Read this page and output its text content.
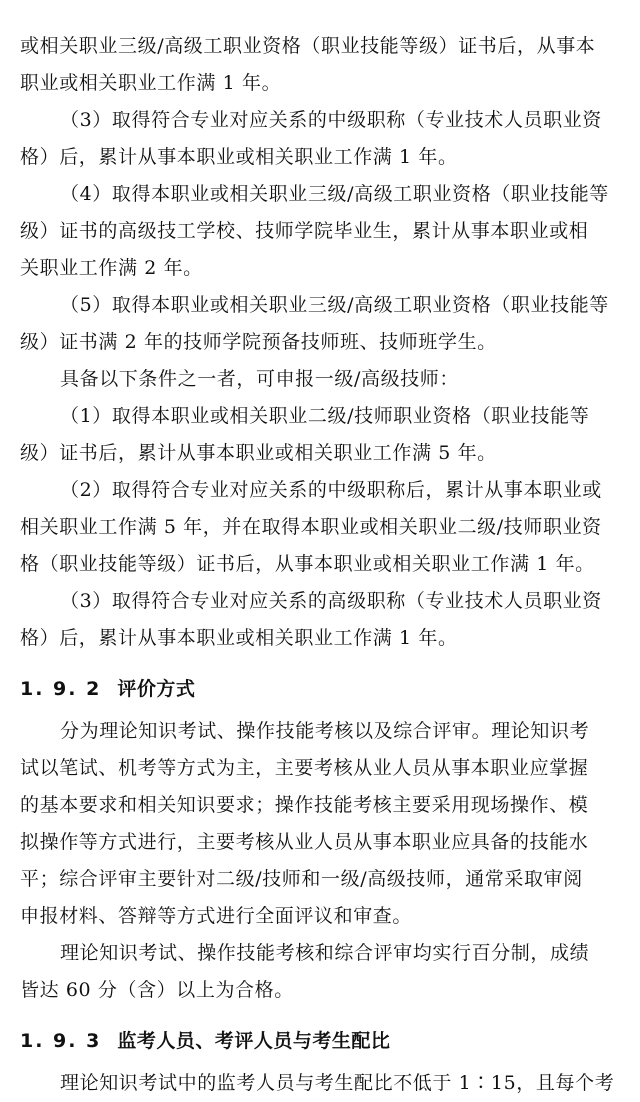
或相关职业三级/高级工职业资格（职业技能等级）证书后，从事本
职业或相关职业工作满 1 年。
（3）取得符合专业对应关系的中级职称（专业技术人员职业资
格）后，累计从事本职业或相关职业工作满 1 年。
（4）取得本职业或相关职业三级/高级工职业资格（职业技能等
级）证书的高级技工学校、技师学院毕业生，累计从事本职业或相
关职业工作满 2 年。
（5）取得本职业或相关职业三级/高级工职业资格（职业技能等
级）证书满 2 年的技师学院预备技师班、技师班学生。
具备以下条件之一者，可申报一级/高级技师：
（1）取得本职业或相关职业二级/技师职业资格（职业技能等
级）证书后，累计从事本职业或相关职业工作满 5 年。
（2）取得符合专业对应关系的中级职称后，累计从事本职业或
相关职业工作满 5 年，并在取得本职业或相关职业二级/技师职业资
格（职业技能等级）证书后，从事本职业或相关职业工作满 1 年。
（3）取得符合专业对应关系的高级职称（专业技术人员职业资
格）后，累计从事本职业或相关职业工作满 1 年。
1. 9. 2 评价方式
分为理论知识考试、操作技能考核以及综合评审。理论知识考
试以笔试、机考等方式为主，主要考核从业人员从事本职业应掌握
的基本要求和相关知识要求；操作技能考核主要采用现场操作、模
拟操作等方式进行，主要考核从业人员从事本职业应具备的技能水
平；综合评审主要针对二级/技师和一级/高级技师，通常采取审阅
申报材料、答辩等方式进行全面评议和审查。
理论知识考试、操作技能考核和综合评审均实行百分制，成绩
皆达 60 分（含）以上为合格。
1. 9. 3 监考人员、考评人员与考生配比
理论知识考试中的监考人员与考生配比不低于 1∶15，且每个考
